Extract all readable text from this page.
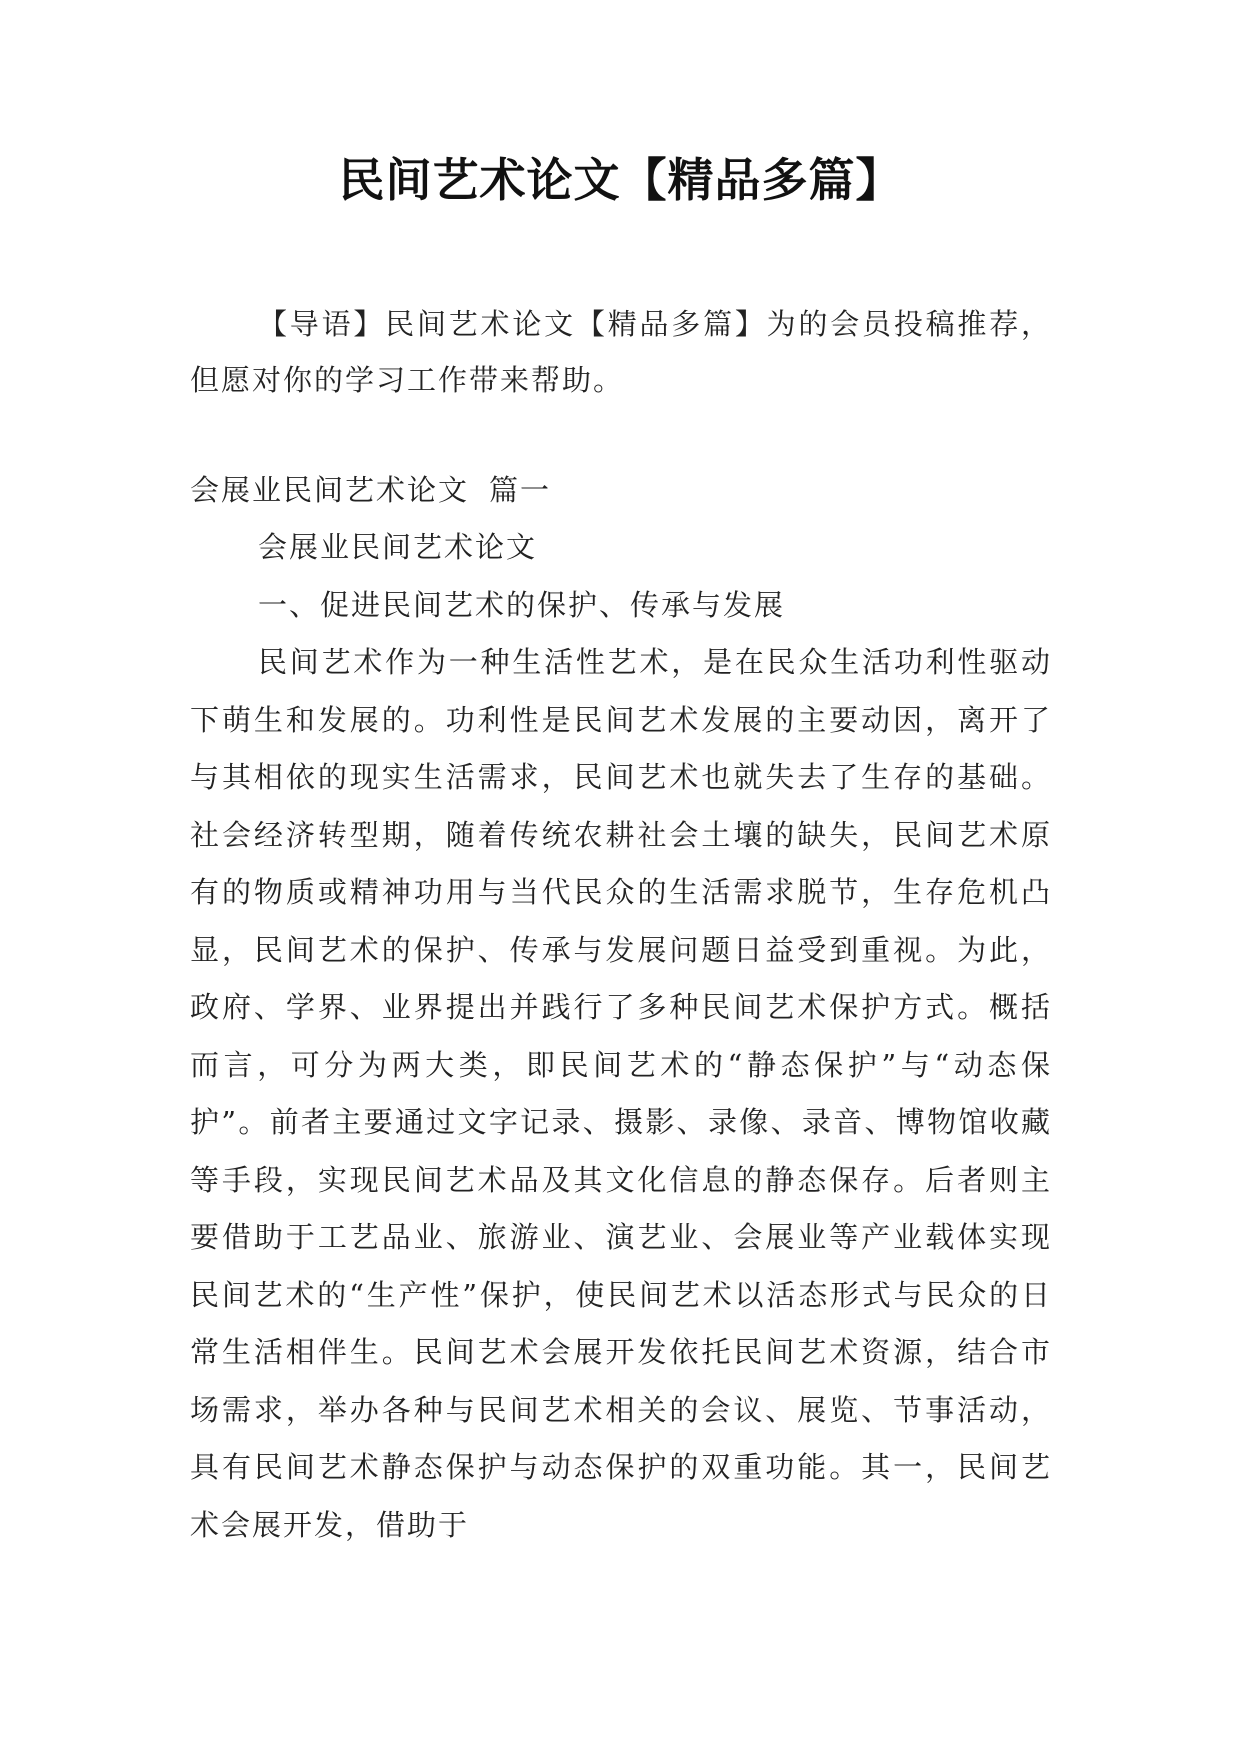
民间艺术论文【精品多篇】
【导语】民间艺术论文【精品多篇】为的会员投稿推荐，但愿对你的学习工作带来帮助。
会展业民间艺术论文 篇一

会展业民间艺术论文

一、促进民间艺术的保护、传承与发展

民间艺术作为一种生活性艺术，是在民众生活功利性驱动下萌生和发展的。功利性是民间艺术发展的主要动因，离开了与其相依的现实生活需求，民间艺术也就失去了生存的基础。社会经济转型期，随着传统农耕社会土壤的缺失，民间艺术原有的物质或精神功用与当代民众的生活需求脱节，生存危机凸显，民间艺术的保护、传承与发展问题日益受到重视。为此，政府、学界、业界提出并践行了多种民间艺术保护方式。概括而言，可分为两大类，即民间艺术的“静态保护”与“动态保护”。前者主要通过文字记录、摄影、录像、录音、博物馆收藏等手段，实现民间艺术品及其文化信息的静态保存。后者则主要借助于工艺品业、旅游业、演艺业、会展业等产业载体实现民间艺术的“生产性”保护，使民间艺术以活态形式与民众的日常生活相伴生。民间艺术会展开发依托民间艺术资源，结合市场需求，举办各种与民间艺术相关的会议、展览、节事活动，具有民间艺术静态保护与动态保护的双重功能。其一，民间艺术会展开发，借助于
